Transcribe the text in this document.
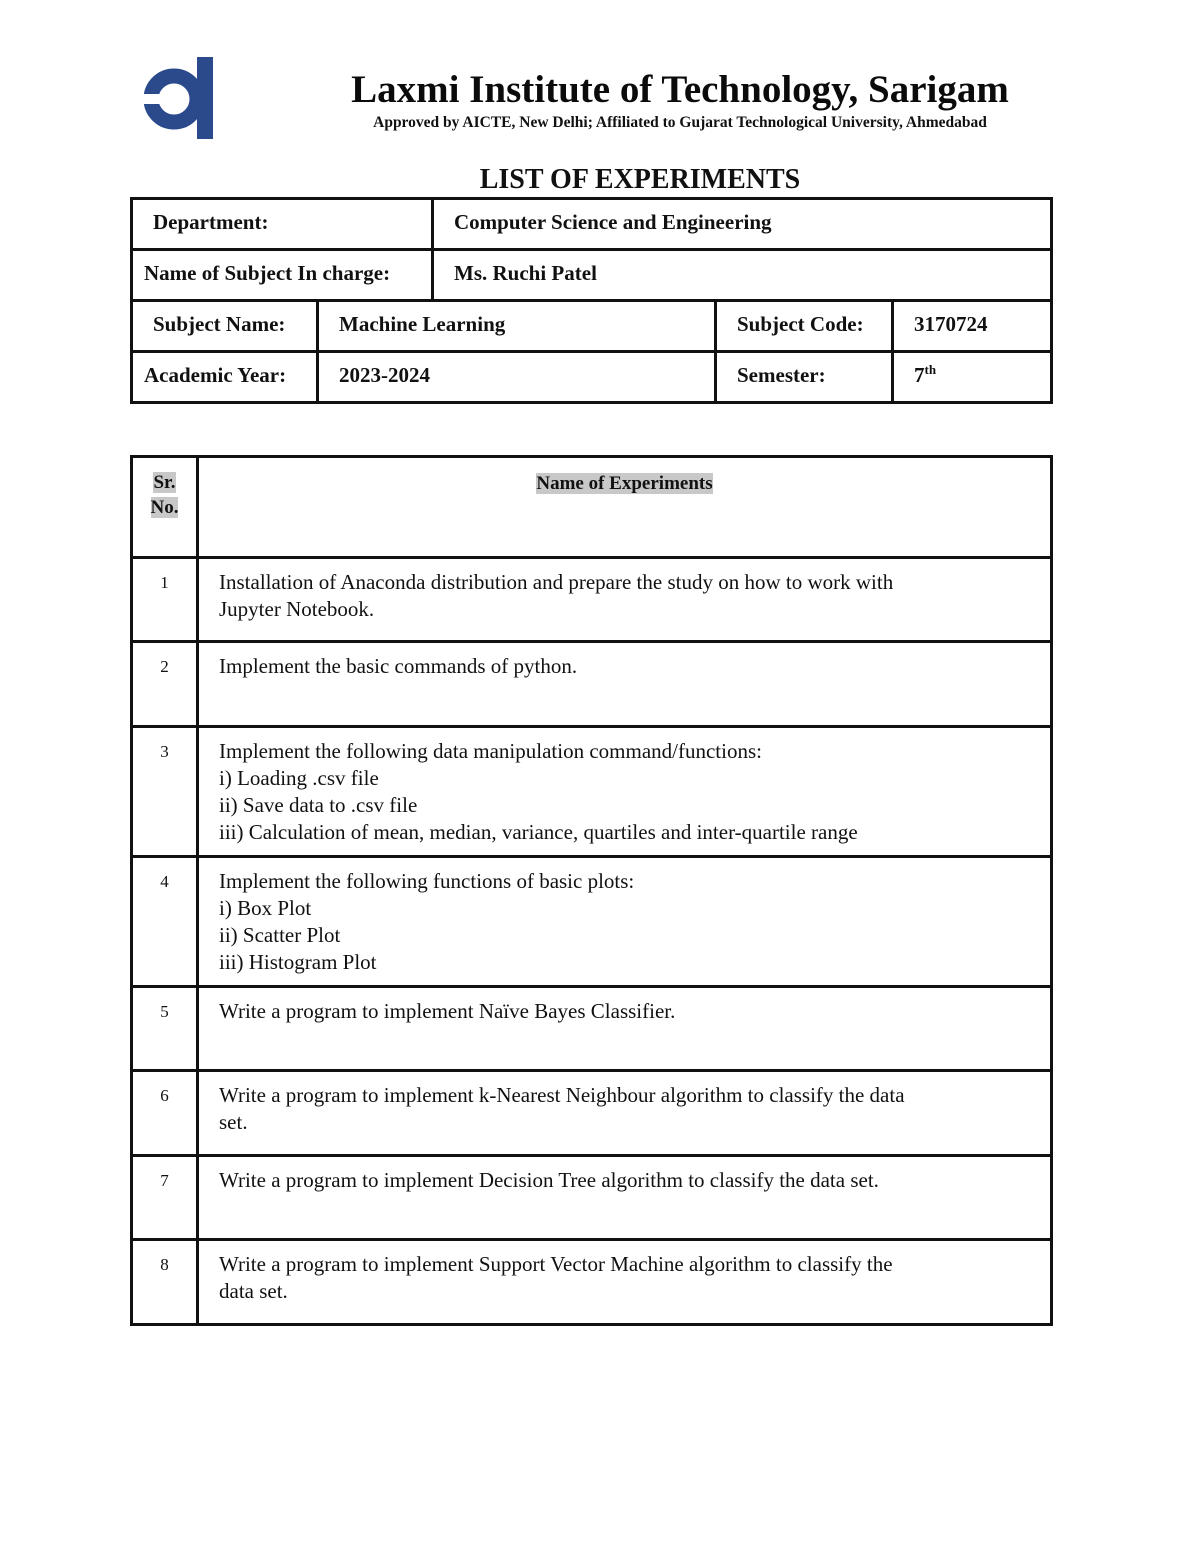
Laxmi Institute of Technology, Sarigam
Approved by AICTE, New Delhi; Affiliated to Gujarat Technological University, Ahmedabad
LIST OF EXPERIMENTS
Department:		Computer Science and Engineering		
Name of Subject In charge:		Ms. Ruchi Patel		
Subject Name:	Machine Learning		Subject Code:	3170724
Academic Year:	2023-2024		Semester:	7th
Sr.
No.	Name of Experiments
1	Installation of Anaconda distribution and prepare the study on how to work with
Jupyter Notebook.

2	Implement the basic commands of python.

3	Implement the following data manipulation command/functions:
i) Loading .csv file
ii) Save data to .csv file
iii) Calculation of mean, median, variance, quartiles and inter-quartile range

4	Implement the following functions of basic plots:
i) Box Plot
ii) Scatter Plot
iii) Histogram Plot

5	Write a program to implement Naïve Bayes Classifier.

6	Write a program to implement k-Nearest Neighbour algorithm to classify the data
set.

7	Write a program to implement Decision Tree algorithm to classify the data set.

8	Write a program to implement Support Vector Machine algorithm to classify the
data set.
